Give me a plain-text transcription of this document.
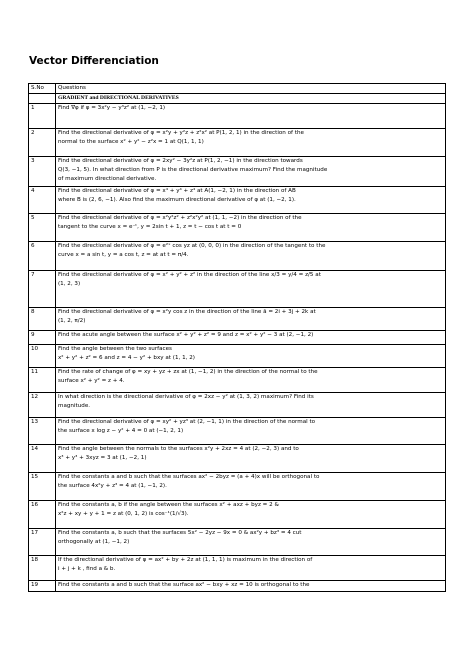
Vector Differenciation
S.No	Questions
	GRADIENT and DIRECTIONAL DERIVATIVES
1	Find ∇φ if φ = 3x²y − y³z² at (1, −2, 1)

2	Find the directional derivative of φ = x²y + y²z + z²x² at P(1, 2, 1) in the direction of the
normal to the surface x² + y² − z²x = 1 at Q(1, 1, 1)

3	Find the directional derivative of φ = 2xy² − 3y²z at P(1, 2, −1) in the direction towards
Q(3, −1, 5). In what direction from P is the directional derivative maximum? Find the magnitude
of maximum directional derivative.

4	Find the directional derivative of φ = x⁴ + y⁴ + z⁴ at A(1, −2, 1) in the direction of AB
where B is (2, 6, −1). Also find the maximum directional derivative of φ at (1, −2, 1).

5	Find the directional derivative of φ = x²y²z² + z²x²y² at (1, 1, −2) in the direction of the
tangent to the curve x = e⁻ᵗ, y = 2sin t + 1, z = t − cos t at t = 0

6	Find the directional derivative of φ = e²ˣ cos yz at (0, 0, 0) in the direction of the tangent to the
curve x = a sin t, y = a cos t, z = at at t = π/4.

7	Find the directional derivative of φ = x² + y² + z² in the direction of the line x/3 = y/4 = z/5 at
(1, 2, 3)

8	Find the directional derivative of φ = x²y cos z in the direction of the line ā = 2i + 3j + 2k at
(1, 2, π/2)

9	Find the acute angle between the surface x² + y² + z² = 9 and z = x² + y² − 3 at (2, −1, 2)

10	Find the angle between the two surfaces
x² + y² + z² = 6 and z = 4 − y² + bxy at (1, 1, 2)

11	Find the rate of change of φ = xy + yz + zx at (1, −1, 2) in the direction of the normal to the
surface x² + y² = z + 4.

12	In what direction is the directional derivative of φ = 2xz − y² at (1, 3, 2) maximum? Find its
magnitude.

13	Find the directional derivative of φ = xy² + yz³ at (2, −1, 1) in the direction of the normal to
the surface x log z − y² + 4 = 0 at (−1, 2, 1)

14	Find the angle between the normals to the surfaces x²y + 2xz = 4 at (2, −2, 3) and to
x³ + y³ + 3xyz = 3 at (1, −2, 1)

15	Find the constants a and b such that the surfaces ax² − 2byz = (a + 4)x will be orthogonal to
the surface 4x²y + z³ = 4 at (1, −1, 2).

16	Find the constants a, b if the angle between the surfaces x² + axz + byz = 2 &
x²z + xy + y + 1 = z at (0, 1, 2) is cos⁻¹(1/√3).

17	Find the constants a, b such that the surfaces 5x² − 2yz − 9x = 0 & ax²y + bz³ = 4 cut
orthogonally at (1, −1, 2)

18	If the directional derivative of φ = ax² + by + 2z at (1, 1, 1) is maximum in the direction of
i + j + k , find a & b.

19	Find the constants a and b such that the surface ax² − bxy + xz = 10 is orthogonal to the
